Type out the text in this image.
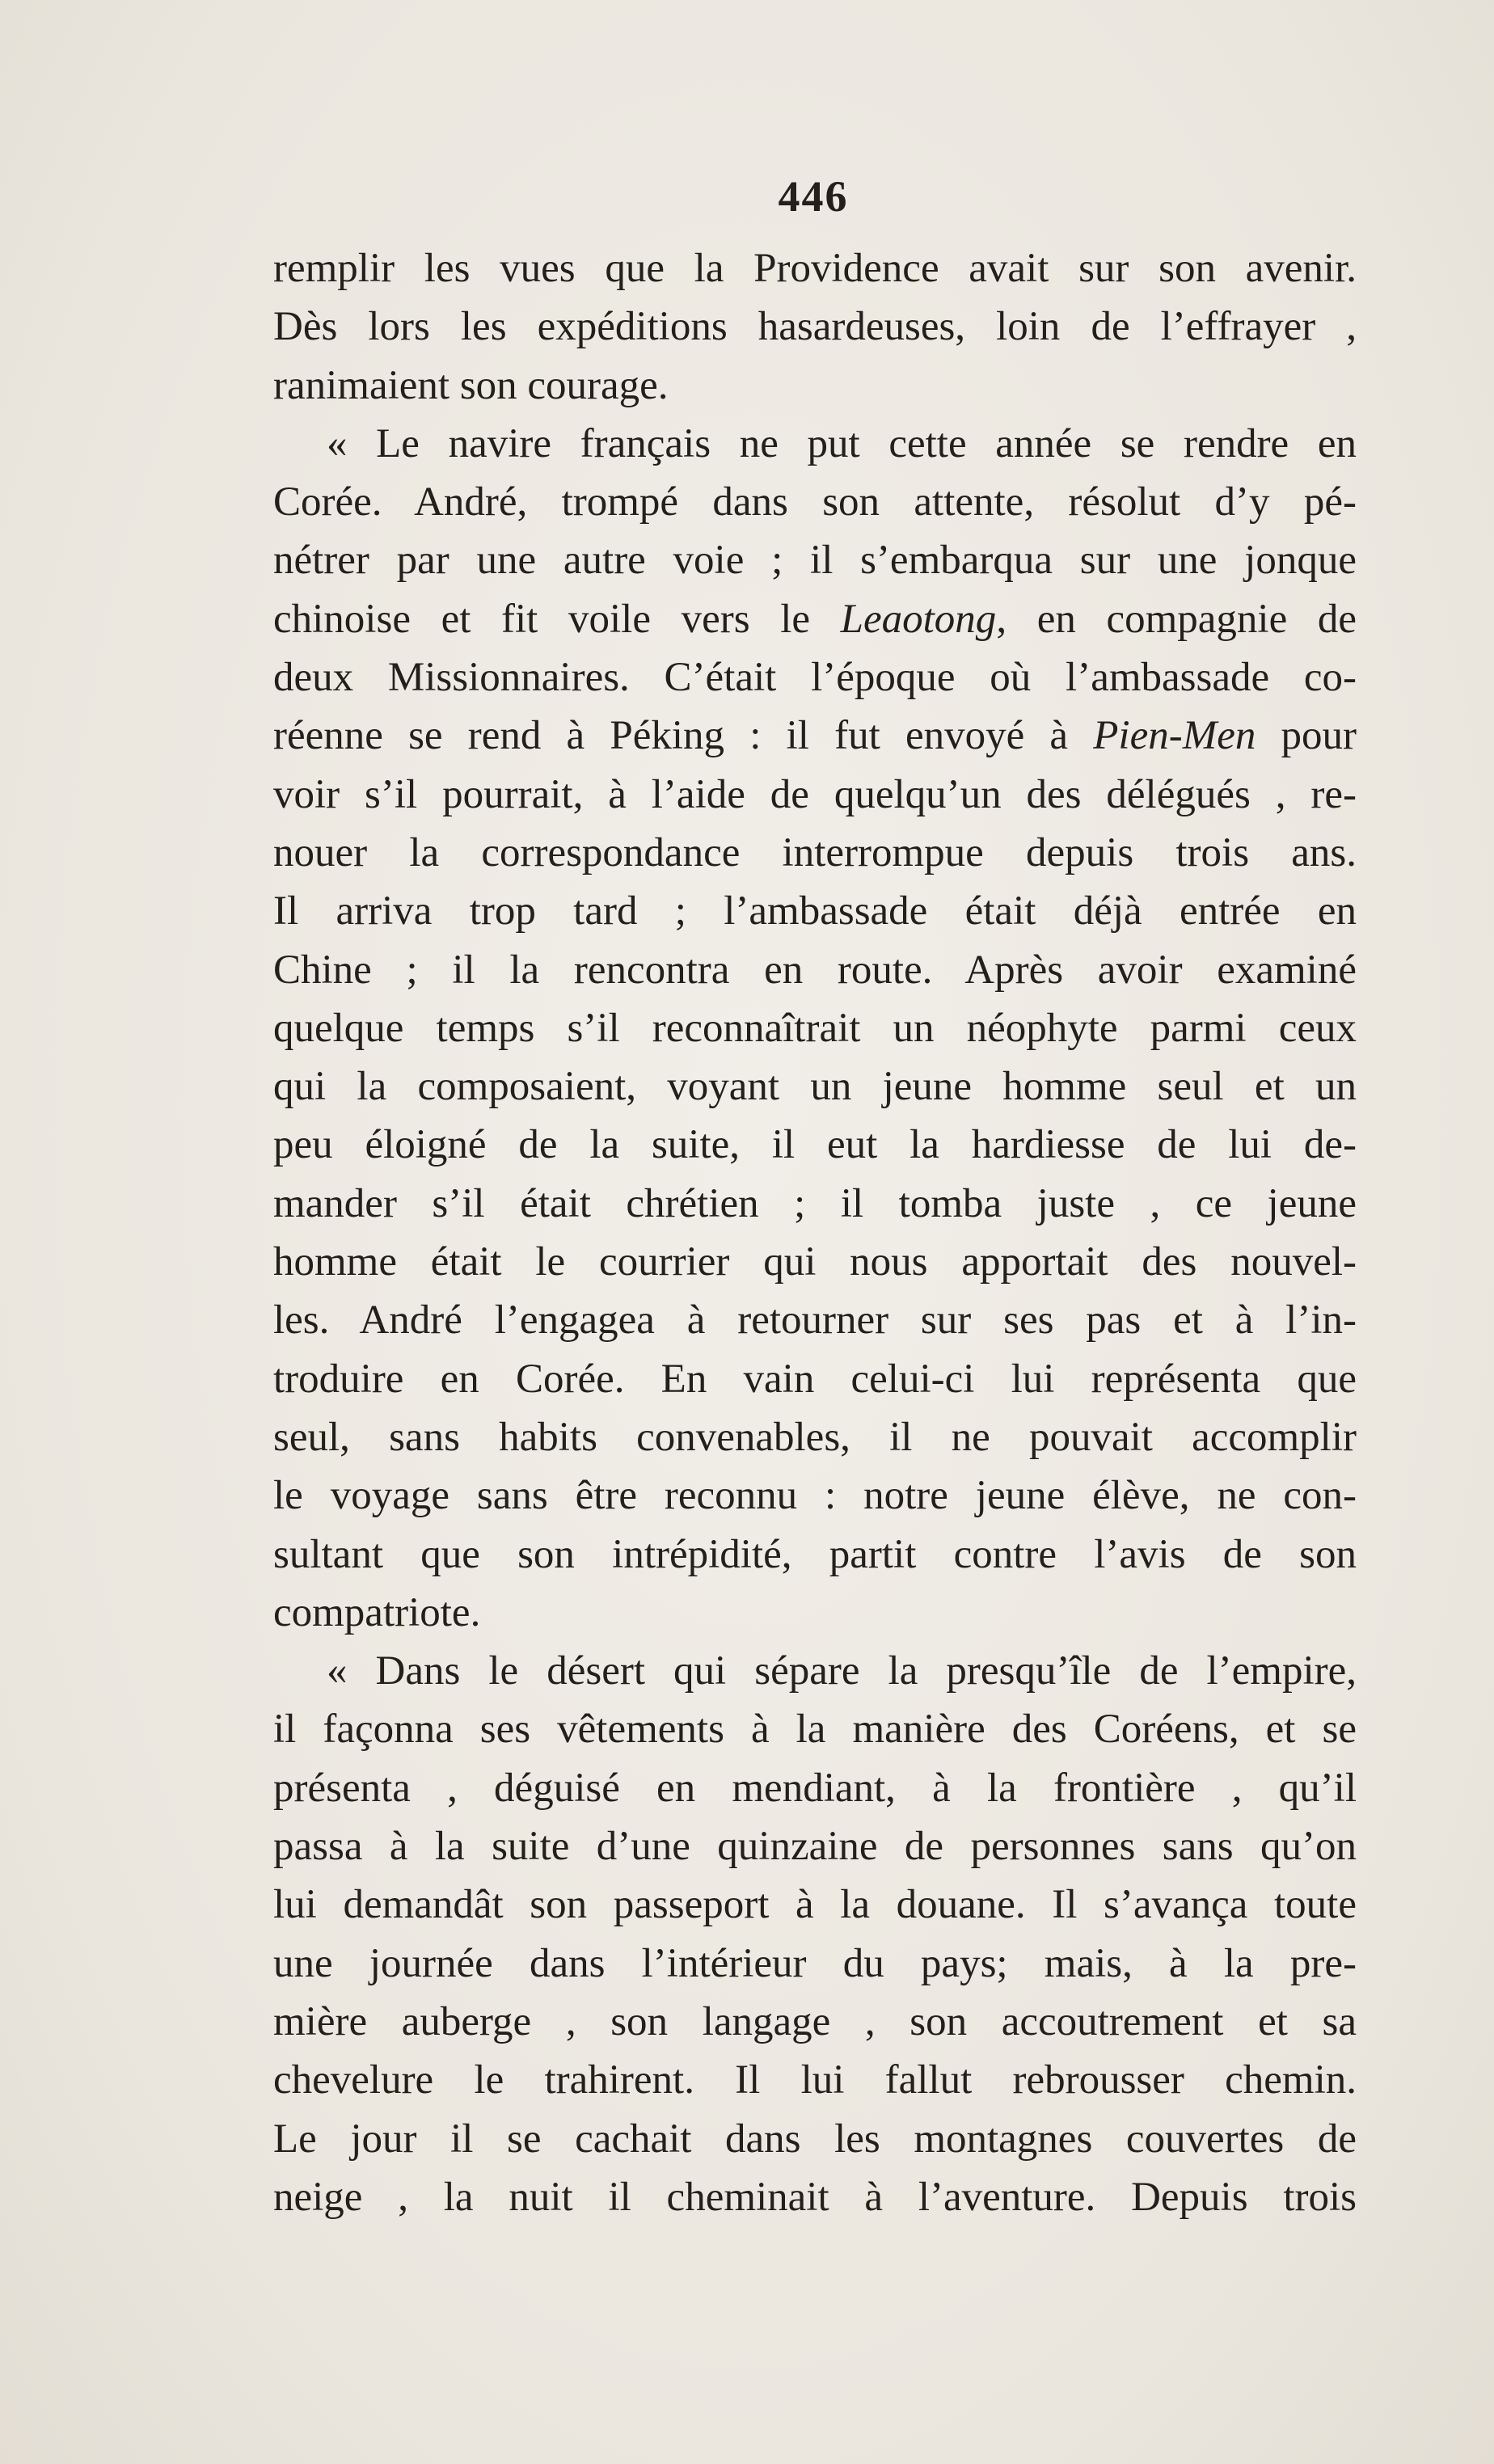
446
remplir les vues que la Providence avait sur son avenir.
Dès lors les expéditions hasardeuses, loin de l’effrayer ,
ranimaient son courage.
« Le navire français ne put cette année se rendre en
Corée. André, trompé dans son attente, résolut d’y pé-
nétrer par une autre voie ; il s’embarqua sur une jonque
chinoise et fit voile vers le Leaotong, en compagnie de
deux Missionnaires. C’était l’époque où l’ambassade co-
réenne se rend à Péking : il fut envoyé à Pien-Men pour
voir s’il pourrait, à l’aide de quelqu’un des délégués , re-
nouer la correspondance interrompue depuis trois ans.
Il arriva trop tard ; l’ambassade était déjà entrée en
Chine ; il la rencontra en route. Après avoir examiné
quelque temps s’il reconnaîtrait un néophyte parmi ceux
qui la composaient, voyant un jeune homme seul et un
peu éloigné de la suite, il eut la hardiesse de lui de-
mander s’il était chrétien ; il tomba juste , ce jeune
homme était le courrier qui nous apportait des nouvel-
les. André l’engagea à retourner sur ses pas et à l’in-
troduire en Corée. En vain celui-ci lui représenta que
seul, sans habits convenables, il ne pouvait accomplir
le voyage sans être reconnu : notre jeune élève, ne con-
sultant que son intrépidité, partit contre l’avis de son
compatriote.
« Dans le désert qui sépare la presqu’île de l’empire,
il façonna ses vêtements à la manière des Coréens, et se
présenta , déguisé en mendiant, à la frontière , qu’il
passa à la suite d’une quinzaine de personnes sans qu’on
lui demandât son passeport à la douane. Il s’avança toute
une journée dans l’intérieur du pays; mais, à la pre-
mière auberge , son langage , son accoutrement et sa
chevelure le trahirent. Il lui fallut rebrousser chemin.
Le jour il se cachait dans les montagnes couvertes de
neige , la nuit il cheminait à l’aventure. Depuis trois
